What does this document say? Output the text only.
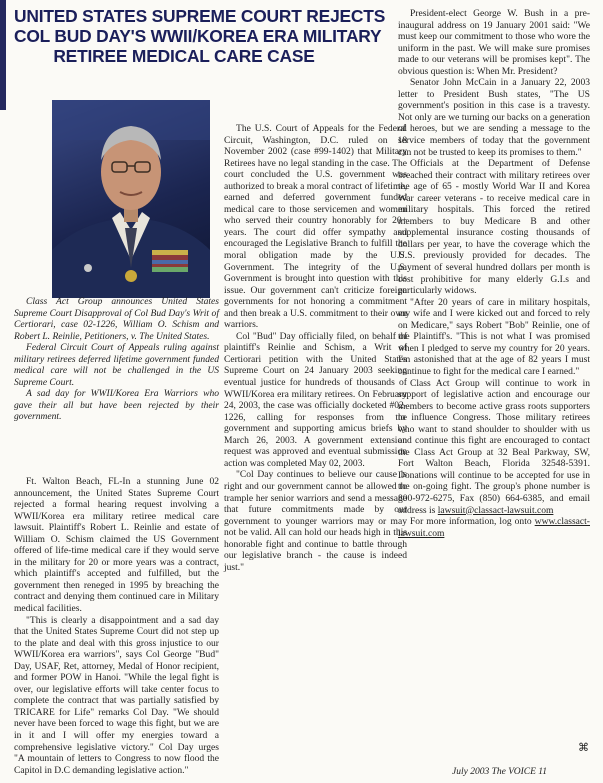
UNITED STATES SUPREME COURT REJECTS
COL BUD DAY'S WWII/KOREA ERA MILITARY
RETIREE MEDICAL CARE CASE

Class Act Group announces United States Supreme Court Disapproval of Col Bud Day's Writ of Certiorari, case 02-1226, William O. Schism and Robert L. Reinlie, Petitioners, v. The United States.

Federal Circuit Court of Appeals ruling against military retirees deferred lifetime government funded medical care will not be challenged in the US Supreme Court.

A sad day for WWII/Korea Era Warriors who gave their all but have been rejected by their government.

Ft. Walton Beach, FL-In a stunning June 02 announcement, the United States Supreme Court rejected a formal hearing request involving a WWII/Korea era military retiree medical care lawsuit. Plaintiff's Robert L. Reinlie and estate of William O. Schism claimed the US Government offered of life-time medical care if they would serve in the military for 20 or more years was a contract, which plaintiff's accepted and fulfilled, but the government then reneged in 1995 by breaching the contract and denying them continued care in Military medical facilities.

"This is clearly a disappointment and a sad day that the United States Supreme Court did not step up to the plate and deal with this gross injustice to our WWII/Korea era warriors", says Col George "Bud" Day, USAF, Ret, attorney, Medal of Honor recipient, and former POW in Hanoi. "While the legal fight is over, our legislative efforts will take center focus to complete the contract that was partially satisfied by TRICARE for Life" remarks Col Day. "We should never have been forced to wage this fight, but we are in it and I will offer my energies toward a comprehensive legislative victory." Col Day urges "A mountain of letters to Congress to now flood the Capitol in D.C demanding legislative action."

The U.S. Court of Appeals for the Federal Circuit, Washington, D.C. ruled on 18 November 2002 (case #99-1402) that Military Retirees have no legal standing in the case. The court concluded the U.S. government was authorized to break a moral contract of lifetime, earned and deferred government funded medical care to those servicemen and women who served their country honorably for 20+ years. The court did offer sympathy and encouraged the Legislative Branch to fulfill the moral obligation made by the U.S. Government. The integrity of the U.S. Government is brought into question with this issue. Our government can't criticize foreign governments for not honoring a commitment and then break a U.S. commitment to their own warriors.

Col "Bud" Day officially filed, on behalf of plaintiff's Reinlie and Schism, a Writ of Certiorari petition with the United States Supreme Court on 24 January 2003 seeking eventual justice for hundreds of thousands of WWII/Korea era military retirees. On February 24, 2003, the case was officially docketed #02-1226, calling for responses from the government and supporting amicus briefs by March 26, 2003. A government extension request was approved and eventual submission action was completed May 02, 2003.

"Col Day continues to believe our cause is right and our government cannot be allowed to trample her senior warriors and send a message that future commitments made by our government to younger warriors may or may not be valid. All can hold our heads high in this honorable fight and continue to battle through our legislative branch - the cause is indeed just."

President-elect George W. Bush in a pre-inaugural address on 19 January 2001 said: "We must keep our commitment to those who wore the uniform in the past. We will make sure promises made to our veterans will be promises kept". The obvious question is: When Mr. President?

Senator John McCain in a January 22, 2003 letter to President Bush states, "The US government's position in this case is a travesty. Not only are we turning our backs on a generation of heroes, but we are sending a message to the service members of today that the government can not be trusted to keep its promises to them."

Officials at the Department of Defense breached their contract with military retirees over the age of 65 - mostly World War II and Korea War career veterans - to receive medical care in military hospitals. This forced the retired members to buy Medicare B and other supplemental insurance costing thousands of dollars per year, to have the coverage which the U.S. previously provided for decades. The payment of several hundred dollars per month is cost prohibitive for many elderly G.I.s and particularly widows.

"After 20 years of care in military hospitals, my wife and I were kicked out and forced to rely on Medicare," says Robert "Bob" Reinlie, one of the Plaintiff's. "This is not what I was promised when I pledged to serve my country for 20 years. I'm astonished that at the age of 82 years I must continue to fight for the medical care I earned."

Class Act Group will continue to work in support of legislative action and encourage our members to become active grass roots supporters to influence Congress. Those military retirees who want to stand shoulder to shoulder with us and continue this fight are encouraged to contact the Class Act Group at 32 Beal Parkway, SW, Fort Walton Beach, Florida 32548-5391. Donations will continue to be accepted for use in the on-going fight. The group's phone number is 800-972-6275, Fax (850) 664-6385, and email address is lawsuit@classact-lawsuit.com

For more information, log onto www.classact-lawsuit.com

⌘
July 2003 The VOICE 11
